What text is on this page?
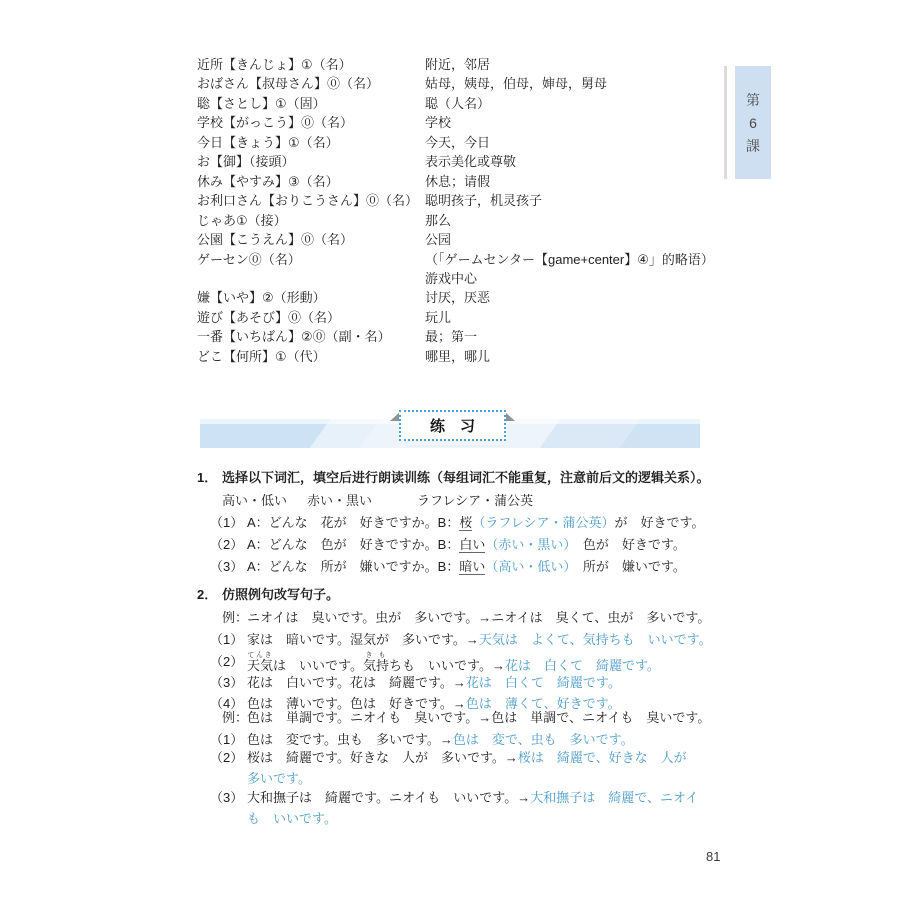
近所【きんじょ】①（名）	附近，邻居
おばさん【叔母さん】⓪（名）	姑母，姨母，伯母，婶母，舅母
聡【さとし】①（固）	聪（人名）
学校【がっこう】⓪（名）	学校
今日【きょう】①（名）	今天，今日
お【御】（接頭）	表示美化或尊敬
休み【やすみ】③（名）	休息；请假
お利口さん【おりこうさん】⓪（名） 聪明孩子，机灵孩子
じゃあ①（接）	那么
公園【こうえん】⓪（名）	公园
ゲーセン⓪（名）	（「ゲームセンター【game+center】④」的略语）游戏中心
嫌【いや】②（形動）	讨厌，厌恶
遊び【あそび】⓪（名）	玩儿
一番【いちばん】②⓪（副・名）	最；第一
どこ【何所】①（代）	哪里，哪儿
第
6
課
练　习
1． 选择以下词汇，填空后进行朗读训练（每组词汇不能重复，注意前后文的逻辑关系）。
高い・低い 赤い・黒い	ラフレシア・蒲公英
（1） A：どんな　花が　好きですか。B：桜（ラフレシア・蒲公英）が　好きです。
（2） A：どんな　色が　好きですか。B：白い（赤い・黒い）　色が　好きです。
（3） A：どんな　所が　嫌いですか。B：暗い（高い・低い）　所が　嫌いです。
2． 仿照例句改写句子。
例：
ニオイは　臭いです。虫が　多いです。→ニオイは　臭くて、虫が　多いです。
（1） 家は　暗いです。湿気が　多いです。→天気は　よくて、気持ちも　いいです。
（2） 天気てんきは　いいです。気持きもちも　いいです。→花は　白くて　綺麗です。
（3） 花は　白いです。花は　綺麗です。→花は　白くて　綺麗です。
（4） 色は　薄いです。色は　好きです。→色は　薄くて、好きです。
例：
色は　単調です。ニオイも　臭いです。→色は　単調で、ニオイも　臭いです。
（1） 色は　変です。虫も　多いです。→色は　変で、虫も　多いです。
（2） 桜は　綺麗です。好きな　人が　多いです。→桜は　綺麗で、好きな　人が　多いです。
（3） 大和撫子は　綺麗です。ニオイも　いいです。→大和撫子は　綺麗で、ニオイも　いいです。
81
